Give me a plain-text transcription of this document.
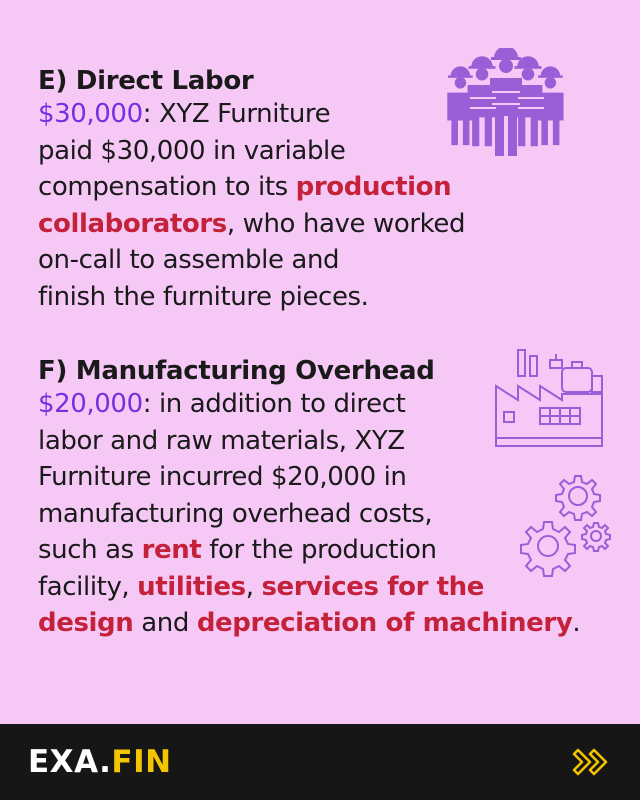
E) Direct Labor
$30,000: XYZ Furniture
paid $30,000 in variable
compensation to its production
collaborators, who have worked
on-call to assemble and
finish the furniture pieces.
F) Manufacturing Overhead
$20,000: in addition to direct
labor and raw materials, XYZ
Furniture incurred $20,000 in
manufacturing overhead costs,
such as rent for the production
facility, utilities, services for the
design and depreciation of machinery.
EXA.FIN
